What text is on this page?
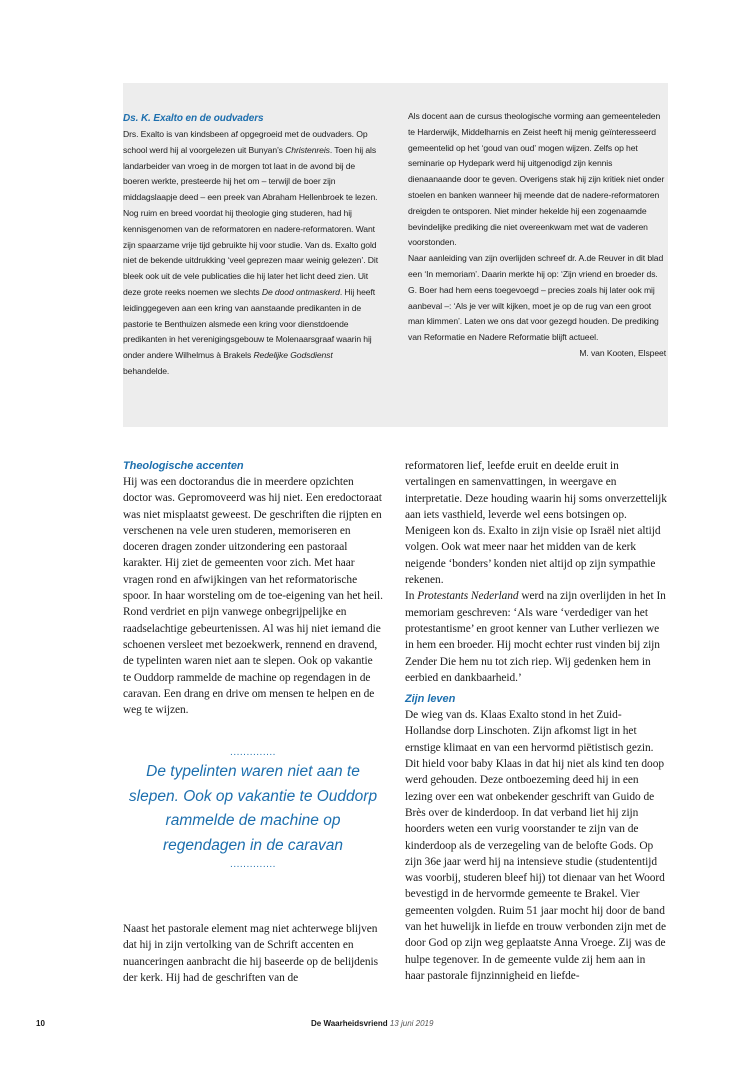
Ds. K. Exalto en de oudvaders

Drs. Exalto is van kindsbeen af opgegroeid met de oudvaders. Op school werd hij al voorgelezen uit Bunyan’s Christenreis. Toen hij als landarbeider van vroeg in de morgen tot laat in de avond bij de boeren werkte, presteerde hij het om – terwijl de boer zijn middagslaapje deed – een preek van Abraham Hellenbroek te lezen.

Nog ruim en breed voordat hij theologie ging studeren, had hij kennisgenomen van de reformatoren en nadere-reformatoren. Want zijn spaarzame vrije tijd gebruikte hij voor studie. Van ds. Exalto gold niet de bekende uitdrukking ‘veel geprezen maar weinig gelezen’. Dit bleek ook uit de vele publicaties die hij later het licht deed zien. Uit deze grote reeks noemen we slechts De dood ontmaskerd. Hij heeft leidinggegeven aan een kring van aanstaande predikanten in de pastorie te Benthuizen alsmede een kring voor dienstdoende predikanten in het verenigingsgebouw te Molenaarsgraaf waarin hij onder andere Wilhelmus à Brakels Redelijke Godsdienst behandelde.

Als docent aan de cursus theologische vorming aan gemeenteleden te Harderwijk, Middelharnis en Zeist heeft hij menig geïnteresseerd gemeentelid op het ‘goud van oud’ mogen wijzen. Zelfs op het seminarie op Hydepark werd hij uitgenodigd zijn kennis dienaanaande door te geven. Overigens stak hij zijn kritiek niet onder stoelen en banken wanneer hij meende dat de nadere-reformatoren dreigden te ontsporen. Niet minder hekelde hij een zogenaamde bevindelijke prediking die niet overeenkwam met wat de vaderen voorstonden.

Naar aanleiding van zijn overlijden schreef dr. A.de Reuver in dit blad een ‘In memoriam’. Daarin merkte hij op: ‘Zijn vriend en broeder ds. G. Boer had hem eens toegevoegd – precies zoals hij later ook mij aanbeval –: ‘Als je ver wilt kijken, moet je op de rug van een groot man klimmen’. Laten we ons dat voor gezegd houden. De prediking van Reformatie en Nadere Reformatie blijft actueel.

M. van Kooten, Elspeet
Theologische accenten

Hij was een doctorandus die in meerdere opzichten doctor was. Gepromoveerd was hij niet. Een eredoctoraat was niet misplaatst geweest. De geschriften die rijpten en verschenen na vele uren studeren, memoriseren en doceren dragen zonder uitzondering een pastoraal karakter. Hij ziet de gemeenten voor zich. Met haar vragen rond en afwijkingen van het reformatorische spoor. In haar worsteling om de toe-eigening van het heil. Rond verdriet en pijn vanwege onbegrijpelijke en raadselachtige gebeurtenissen. Al was hij niet iemand die schoenen versleet met bezoekwerk, rennend en dravend, de typelinten waren niet aan te slepen. Ook op vakantie te Ouddorp rammelde de machine op regendagen in de caravan. Een drang en drive om mensen te helpen en de weg te wijzen.

..............
De typelinten waren niet aan te slepen. Ook op vakantie te Ouddorp rammelde de machine op regendagen in de caravan
..............

Naast het pastorale element mag niet achterwege blijven dat hij in zijn vertolking van de Schrift accenten en nuanceringen aanbracht die hij baseerde op de belijdenis der kerk. Hij had de geschriften van de

reformatoren lief, leefde eruit en deelde eruit in vertalingen en samenvattingen, in weergave en interpretatie. Deze houding waarin hij soms onverzettelijk aan iets vasthield, leverde wel eens botsingen op. Menigeen kon ds. Exalto in zijn visie op Israël niet altijd volgen. Ook wat meer naar het midden van de kerk neigende ‘bonders’ konden niet altijd op zijn sympathie rekenen.

In Protestants Nederland werd na zijn overlijden in het In memoriam geschreven: ‘Als ware ‘verdediger van het protestantisme’ en groot kenner van Luther verliezen we in hem een broeder. Hij mocht echter rust vinden bij zijn Zender Die hem nu tot zich riep. Wij gedenken hem in eerbied en dankbaarheid.’

Zijn leven

De wieg van ds. Klaas Exalto stond in het Zuid-Hollandse dorp Linschoten. Zijn afkomst ligt in het ernstige klimaat en van een hervormd piëtistisch gezin. Dit hield voor baby Klaas in dat hij niet als kind ten doop werd gehouden. Deze ontboezeming deed hij in een lezing over een wat onbekender geschrift van Guido de Brès over de kinderdoop. In dat verband liet hij zijn hoorders weten een vurig voorstander te zijn van de kinderdoop als de verzegeling van de belofte Gods. Op zijn 36e jaar werd hij na intensieve studie (studententijd was voorbij, studeren bleef hij) tot dienaar van het Woord bevestigd in de hervormde gemeente te Brakel. Vier gemeenten volgden. Ruim 51 jaar mocht hij door de band van het huwelijk in liefde en trouw verbonden zijn met de door God op zijn weg geplaatste Anna Vroege. Zij was de hulpe tegenover. In de gemeente vulde zij hem aan in haar pastorale fijnzinnigheid en liefde-

10	De Waarheidsvriend 13 juni 2019
